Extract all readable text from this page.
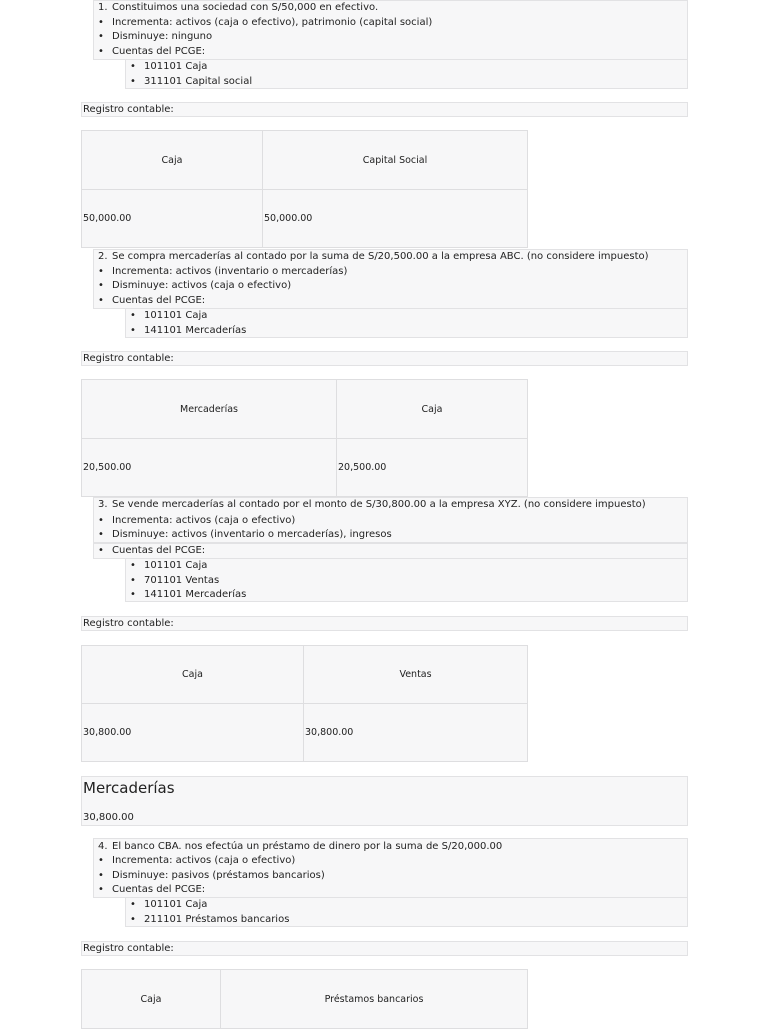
1. Constituimos una sociedad con S/50,000 en efectivo.
• Incrementa: activos (caja o efectivo), patrimonio (capital social)
• Disminuye: ninguno
• Cuentas del PCGE:
• 101101 Caja
• 311101 Capital social
Registro contable:
Caja	Capital Social
50,000.00	50,000.00
2. Se compra mercaderías al contado por la suma de S/20,500.00 a la empresa ABC. (no considere impuesto)
• Incrementa: activos (inventario o mercaderías)
• Disminuye: activos (caja o efectivo)
• Cuentas del PCGE:
• 101101 Caja
• 141101 Mercaderías
Registro contable:
Mercaderías	Caja
20,500.00	20,500.00
3. Se vende mercaderías al contado por el monto de S/30,800.00 a la empresa XYZ. (no considere impuesto)
• Incrementa: activos (caja o efectivo)
• Disminuye: activos (inventario o mercaderías), ingresos
• Cuentas del PCGE:
• 101101 Caja
• 701101 Ventas
• 141101 Mercaderías
Registro contable:
Caja	Ventas
30,800.00	30,800.00
Mercaderías
30,800.00
4. El banco CBA. nos efectúa un préstamo de dinero por la suma de S/20,000.00
• Incrementa: activos (caja o efectivo)
• Disminuye: pasivos (préstamos bancarios)
• Cuentas del PCGE:
• 101101 Caja
• 211101 Préstamos bancarios
Registro contable:
Caja	Préstamos bancarios
